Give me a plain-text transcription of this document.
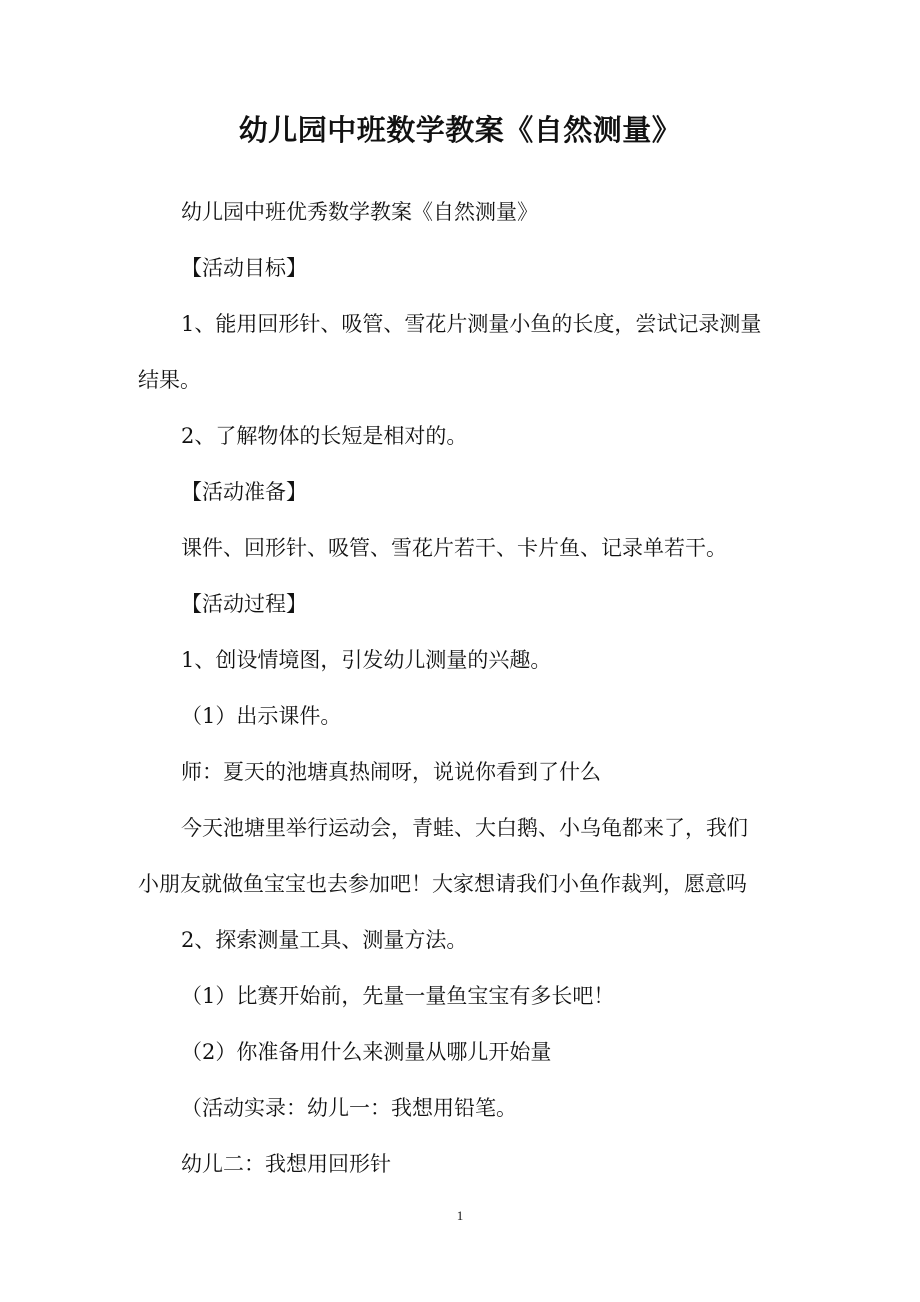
幼儿园中班数学教案《自然测量》
幼儿园中班优秀数学教案《自然测量》
【活动目标】
1、能用回形针、吸管、雪花片测量小鱼的长度，尝试记录测量
结果。
2、了解物体的长短是相对的。
【活动准备】
课件、回形针、吸管、雪花片若干、卡片鱼、记录单若干。
【活动过程】
1、创设情境图，引发幼儿测量的兴趣。
（1）出示课件。
师：夏天的池塘真热闹呀，说说你看到了什么
今天池塘里举行运动会，青蛙、大白鹅、小乌龟都来了，我们
小朋友就做鱼宝宝也去参加吧！大家想请我们小鱼作裁判，愿意吗
2、探索测量工具、测量方法。
（1）比赛开始前，先量一量鱼宝宝有多长吧！
（2）你准备用什么来测量从哪儿开始量
（活动实录：幼儿一：我想用铅笔。
幼儿二：我想用回形针
1
